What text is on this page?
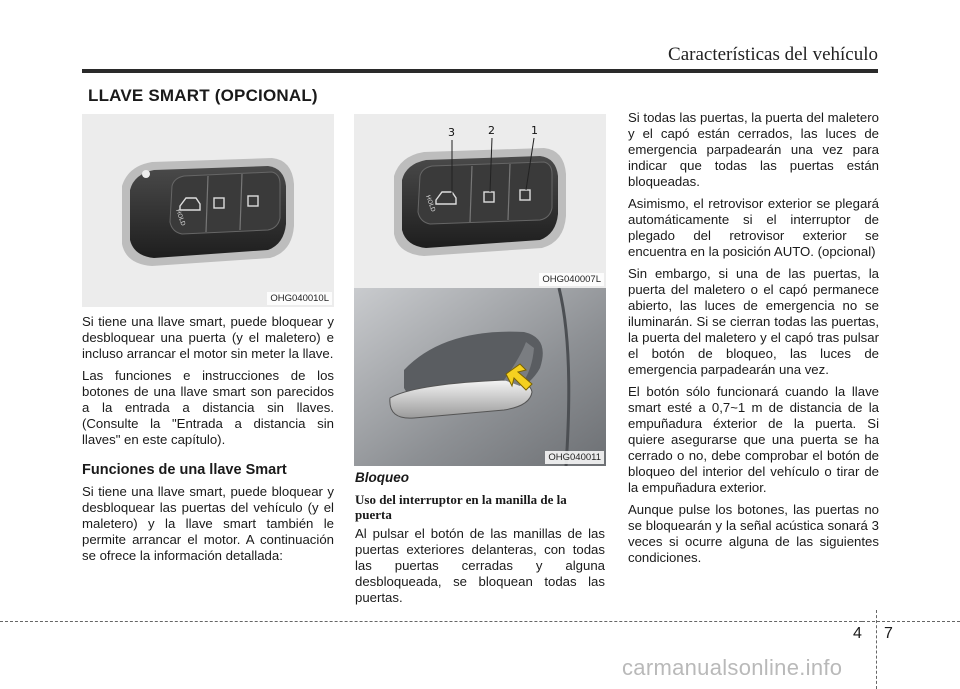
Características del vehículo
LLAVE SMART (OPCIONAL)
HOLD
OHG040010L
HOLD
3	2	1
OHG040007L
OHG040011

Si tiene una llave smart, puede bloquear y desbloquear una puerta (y el maletero) e incluso arrancar el motor sin meter la llave.

Las funciones e instrucciones de los botones de una llave smart son parecidos a la entrada a distancia sin llaves. (Consulte la "Entrada a distancia sin llaves" en este capítulo).

Funciones de una llave Smart

Si tiene una llave smart, puede bloquear y desbloquear las puertas del vehículo (y el maletero) y la llave smart también le permite arrancar el motor. A continuación se ofrece la información detallada:

Bloqueo
Uso del interruptor en la manilla de la puerta

Al pulsar el botón de las manillas de las puertas exteriores delanteras, con todas las puertas cerradas y alguna desbloqueada, se bloquean todas las puertas.

Si todas las puertas, la puerta del maletero y el capó están cerrados, las luces de emergencia parpadearán una vez para indicar que todas las puertas están bloqueadas.

Asimismo, el retrovisor exterior se plegará automáticamente si el interruptor de plegado del retrovisor exterior se encuentra en la posición AUTO. (opcional)

Sin embargo, si una de las puertas, la puerta del maletero o el capó permanece abierto, las luces de emergencia no se iluminarán. Si se cierran todas las puertas, la puerta del maletero y el capó tras pulsar el botón de bloqueo, las luces de emergencia parpadearán una vez.

El botón sólo funcionará cuando la llave smart esté a 0,7~1 m de distancia de la empuñadura éxterior de la puerta. Si quiere asegurarse que una puerta se ha cerrado o no, debe comprobar el botón de bloqueo del interior del vehículo o tirar de la empuñadura exterior.

Aunque pulse los botones, las puertas no se bloquearán y la señal acústica sonará 3 veces si ocurre alguna de las siguientes condiciones.

4 7
carmanualsonline.info
